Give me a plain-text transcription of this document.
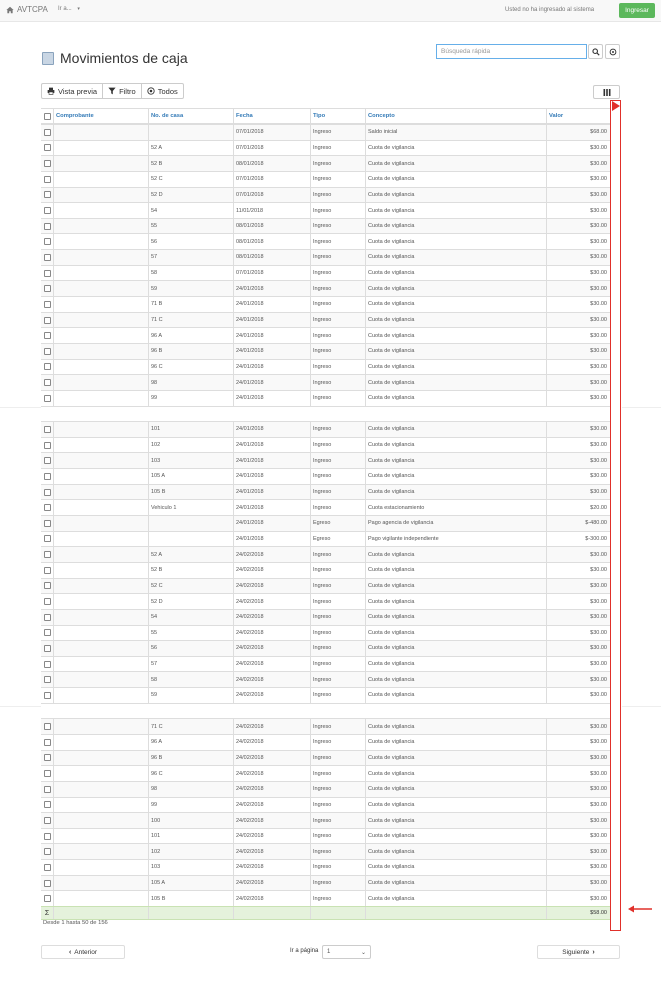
AVTCPA Ir a... ▾	Usted no ha ingresado al sistema	Ingresar
Movimientos de caja
Búsqueda rápida
Vista previa	Filtro	Todos
Comprobante	No. de casa	Fecha	Tipo	Concepto	Valor
07/01/2018	Ingreso	Saldo inicial	$68.00
52 A	07/01/2018	Ingreso	Cuota de vigilancia	$30.00
52 B	08/01/2018	Ingreso	Cuota de vigilancia	$30.00
52 C	07/01/2018	Ingreso	Cuota de vigilancia	$30.00
52 D	07/01/2018	Ingreso	Cuota de vigilancia	$30.00
54	11/01/2018	Ingreso	Cuota de vigilancia	$30.00
55	08/01/2018	Ingreso	Cuota de vigilancia	$30.00
56	08/01/2018	Ingreso	Cuota de vigilancia	$30.00
57	08/01/2018	Ingreso	Cuota de vigilancia	$30.00
58	07/01/2018	Ingreso	Cuota de vigilancia	$30.00
59	24/01/2018	Ingreso	Cuota de vigilancia	$30.00
71 B	24/01/2018	Ingreso	Cuota de vigilancia	$30.00
71 C	24/01/2018	Ingreso	Cuota de vigilancia	$30.00
96 A	24/01/2018	Ingreso	Cuota de vigilancia	$30.00
96 B	24/01/2018	Ingreso	Cuota de vigilancia	$30.00
96 C	24/01/2018	Ingreso	Cuota de vigilancia	$30.00
98	24/01/2018	Ingreso	Cuota de vigilancia	$30.00
99	24/01/2018	Ingreso	Cuota de vigilancia	$30.00
101	24/01/2018	Ingreso	Cuota de vigilancia	$30.00
102	24/01/2018	Ingreso	Cuota de vigilancia	$30.00
103	24/01/2018	Ingreso	Cuota de vigilancia	$30.00
105 A	24/01/2018	Ingreso	Cuota de vigilancia	$30.00
105 B	24/01/2018	Ingreso	Cuota de vigilancia	$30.00
Vehiculo 1	24/01/2018	Ingreso	Cuota estacionamiento	$20.00
24/01/2018	Egreso	Pago agencia de vigilancia	$-480.00
24/01/2018	Egreso	Pago vigilante independiente	$-300.00
52 A	24/02/2018	Ingreso	Cuota de vigilancia	$30.00
52 B	24/02/2018	Ingreso	Cuota de vigilancia	$30.00
52 C	24/02/2018	Ingreso	Cuota de vigilancia	$30.00
52 D	24/02/2018	Ingreso	Cuota de vigilancia	$30.00
54	24/02/2018	Ingreso	Cuota de vigilancia	$30.00
55	24/02/2018	Ingreso	Cuota de vigilancia	$30.00
56	24/02/2018	Ingreso	Cuota de vigilancia	$30.00
57	24/02/2018	Ingreso	Cuota de vigilancia	$30.00
58	24/02/2018	Ingreso	Cuota de vigilancia	$30.00
59	24/02/2018	Ingreso	Cuota de vigilancia	$30.00
71 C	24/02/2018	Ingreso	Cuota de vigilancia	$30.00
96 A	24/02/2018	Ingreso	Cuota de vigilancia	$30.00
96 B	24/02/2018	Ingreso	Cuota de vigilancia	$30.00
96 C	24/02/2018	Ingreso	Cuota de vigilancia	$30.00
98	24/02/2018	Ingreso	Cuota de vigilancia	$30.00
99	24/02/2018	Ingreso	Cuota de vigilancia	$30.00
100	24/02/2018	Ingreso	Cuota de vigilancia	$30.00
101	24/02/2018	Ingreso	Cuota de vigilancia	$30.00
102	24/02/2018	Ingreso	Cuota de vigilancia	$30.00
103	24/02/2018	Ingreso	Cuota de vigilancia	$30.00
105 A	24/02/2018	Ingreso	Cuota de vigilancia	$30.00
105 B	24/02/2018	Ingreso	Cuota de vigilancia	$30.00
Σ	$58.00
Desde 1 hasta 50 de 156
‹ Anterior	Ir a página 1	⌄	Siguiente ›
